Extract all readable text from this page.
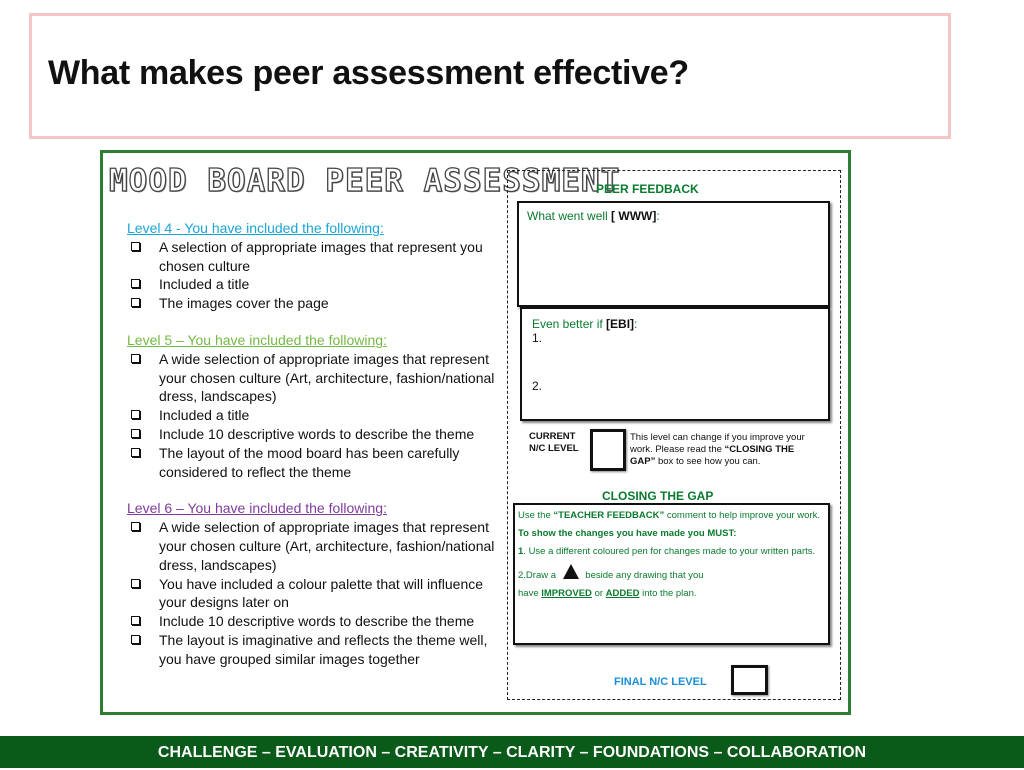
What makes peer assessment effective?
MOOD BOARD PEER ASSESSMENT
Level 4 - You have included the following:
A selection of appropriate images that represent you chosen culture
Included a title
The images cover the page
Level 5 – You have included the following:
A wide selection of appropriate images that represent your chosen culture (Art, architecture, fashion/national dress, landscapes)
Included a title
Include 10 descriptive words to describe the theme
The layout of the mood board has been carefully considered to reflect the theme
Level 6 – You have included the following:
A wide selection of appropriate images that represent your chosen culture (Art, architecture, fashion/national dress, landscapes)
You have included a colour palette that will influence your designs later on
Include 10 descriptive words to describe the theme
The layout is imaginative and reflects the theme well, you have grouped similar images together
PEER FEEDBACK
What went well [ WWW]:
Even better if [EBI]:
1.
2.
CURRENT
N/C LEVEL
This level can change if you improve your work. Please read the “CLOSING THE GAP” box to see how you can.
CLOSING THE GAP

Use the “TEACHER FEEDBACK” comment to help improve your work.

To show the changes you have made you MUST:

1. Use a different coloured pen for changes made to your written parts.

2.Draw a	beside any drawing that you

have IMPROVED or ADDED into the plan.

FINAL N/C LEVEL
CHALLENGE – EVALUATION – CREATIVITY – CLARITY – FOUNDATIONS – COLLABORATION
